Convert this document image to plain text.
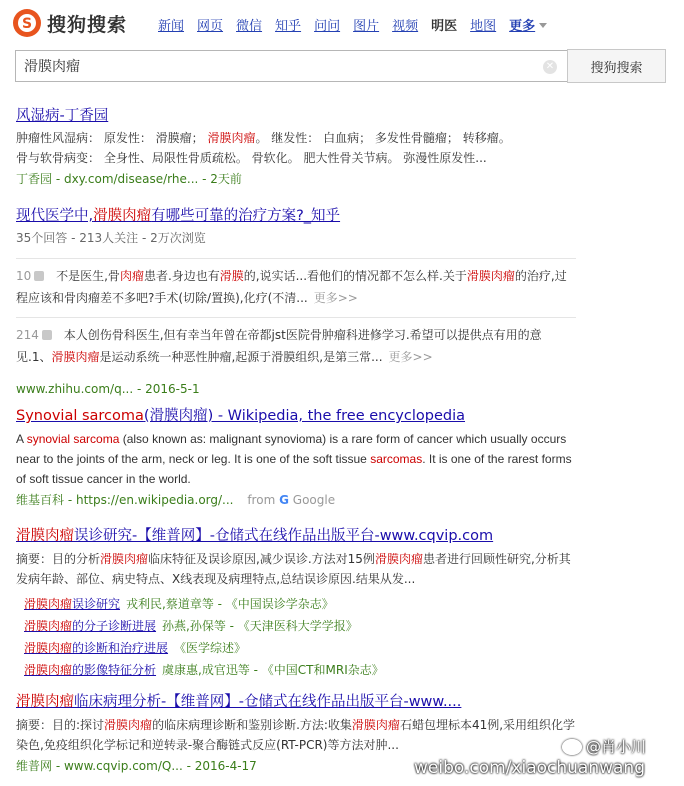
S 搜狗搜索 新闻 网页 微信 知乎 问问 图片 视频 明医 地图 更多
滑膜肉瘤
✕	搜狗搜索
风湿病-丁香园
肿瘤性风湿病： 原发性： 滑膜瘤； 滑膜肉瘤。 继发性： 白血病； 多发性骨髓瘤； 转移瘤。
骨与软骨病变： 全身性、局限性骨质疏松。 骨软化。 肥大性骨关节病。 弥漫性原发性...
丁香园 - dxy.com/disease/rhe... - 2天前
现代医学中,滑膜肉瘤有哪些可靠的治疗方案?_知乎
35个回答 - 213人关注 - 2万次浏览
10 不是医生,骨肉瘤患者.身边也有滑膜的,说实话...看他们的情况都不怎么样.关于滑膜肉瘤的治疗,过程应该和骨肉瘤差不多吧?手术(切除/置换),化疗(不清... 更多>>
214 本人创伤骨科医生,但有幸当年曾在帝都jst医院骨肿瘤科进修学习.希望可以提供点有用的意见.1、滑膜肉瘤是运动系统一种恶性肿瘤,起源于滑膜组织,是第三常... 更多>>
www.zhihu.com/q... - 2016-5-1
Synovial sarcoma(滑膜肉瘤) - Wikipedia, the free encyclopedia
A synovial sarcoma (also known as: malignant synovioma) is a rare form of cancer which usually occurs near to the joints of the arm, neck or leg. It is one of the soft tissue sarcomas. It is one of the rarest forms of soft tissue cancer in the world.
维基百科 - https://en.wikipedia.org/... from G Google
滑膜肉瘤误诊研究-【维普网】-仓储式在线作品出版平台-www.cqvip.com
摘要：目的分析滑膜肉瘤临床特征及误诊原因,减少误诊.方法对15例滑膜肉瘤患者进行回顾性研究,分析其发病年龄、部位、病史特点、X线表现及病理特点,总结误诊原因.结果从发...
滑膜肉瘤误诊研究 戎利民,蔡道章等 - 《中国误诊学杂志》
滑膜肉瘤的分子诊断进展 孙燕,孙保等 - 《天津医科大学学报》
滑膜肉瘤的诊断和治疗进展 《医学综述》
滑膜肉瘤的影像特征分析 虞康惠,成官迅等 - 《中国CT和MRI杂志》
滑膜肉瘤临床病理分析-【维普网】-仓储式在线作品出版平台-www....
摘要：目的:探讨滑膜肉瘤的临床病理诊断和鉴别诊断.方法:收集滑膜肉瘤石蜡包埋标本41例,采用组织化学染色,免疫组织化学标记和逆转录-聚合酶链式反应(RT-PCR)等方法对肿...
维普网 - www.cqvip.com/Q... - 2016-4-17
@肖小川
weibo.com/xiaochuanwang
